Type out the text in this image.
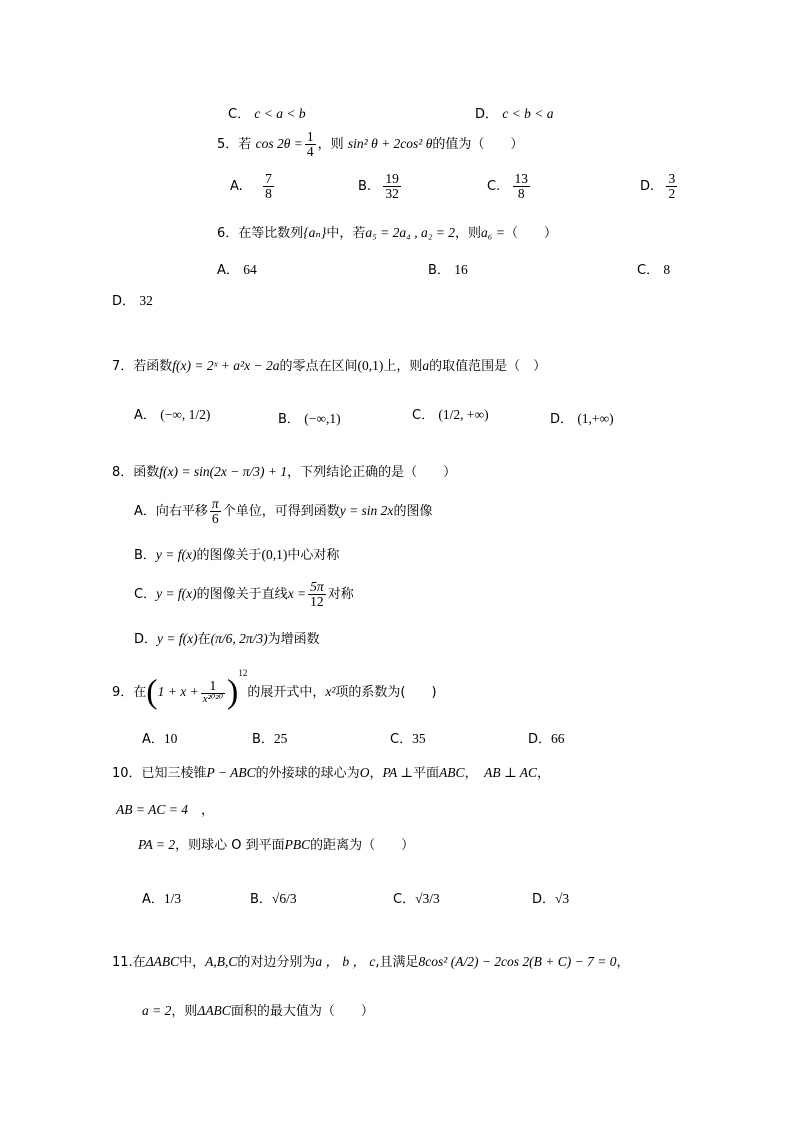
C． c < a < b	D． c < b < a
5．若 $\cos 2\theta = \frac{1}{4}$ ，则 sin² θ + 2cos² θ的值为（　　）
A. $\frac{7}{8}$	B. $\frac{19}{32}$	C. $\frac{13}{8}$	D. $\frac{3}{2}$
6．在等比数列{aₙ}中，若a₅ = 2a₄ , a₂ = 2，则a₆ =（　　）
A． 64	B． 16	C． 8
D． 32
7．若函数f(x) = 2ˣ + a²x − 2a的零点在区间(0,1)上，则a的取值范围是（　）
A． (−∞, 1/2)	B． (−∞,1)	C． (1/2, +∞)	D． (1,+∞)
8．函数f(x) = sin(2x − π/3) + 1，下列结论正确的是（　　）
A．向右平移 $\frac{\pi}{6}$ 个单位，可得到函数y = sin 2x的图像
B．y = f(x)的图像关于(0,1)中心对称
C．y = f(x)的图像关于直线$x = \frac{5\pi}{12}$ 对称
D．y = f(x)在(π/6, 2π/3)为增函数
9．在$(1 + x + \frac{1}{\text{x²⁰²⁰}} )^{12}$的展开式中，x²项的系数为(　　)
A．10	B．25	C．35	D．66
10．已知三棱锥P − ABC的外接球的球心为O，PA ⊥平面ABC，　AB ⊥ AC，
AB = AC = 4　，
PA = 2，则球心 O 到平面PBC的距离为（　　）
A．1/3	B．√6/3	C．√3/3	D．√3
11.在ΔABC中，A,B,C的对边分别为a ， b ， c,且满足8cos² (A/2) − 2cos 2(B + C) − 7 = 0，
a = 2，则ΔABC面积的最大值为（　　）
